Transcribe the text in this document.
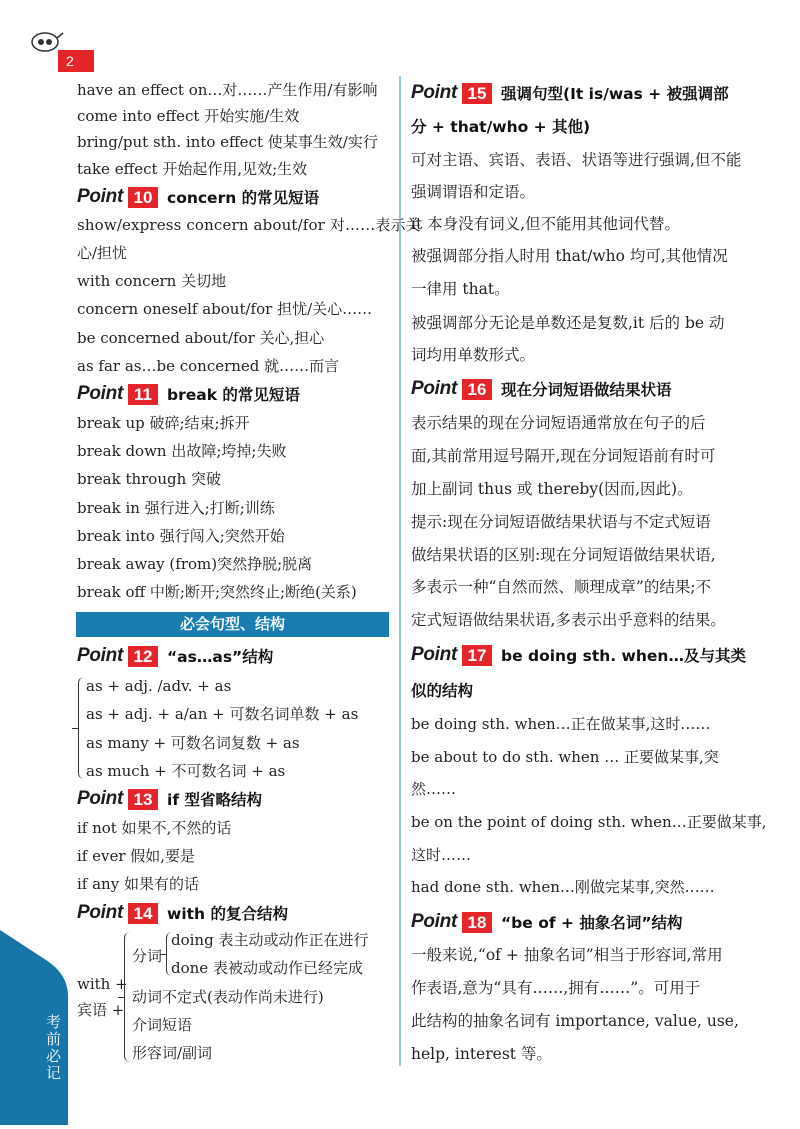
2
考前必记
have an effect on…对……产生作用/有影响
come into effect 开始实施/生效
bring/put sth. into effect 使某事生效/实行
take effect 开始起作用,见效;生效
Point 10 concern 的常见短语
show/express concern about/for 对……表示关
心/担忧
with concern 关切地
concern oneself about/for 担忧/关心……
be concerned about/for 关心,担心
as far as…be concerned 就……而言
Point 11 break 的常见短语
break up 破碎;结束;拆开
break down 出故障;垮掉;失败
break through 突破
break in 强行进入;打断;训练
break into 强行闯入;突然开始
break away (from)突然挣脱;脱离
break off 中断;断开;突然终止;断绝(关系)
必会句型、结构
Point 12 “as…as”结构
as + adj. /adv. + as
as + adj. + a/an + 可数名词单数 + as
as many + 可数名词复数 + as
as much + 不可数名词 + as
Point 13 if 型省略结构
if not 如果不,不然的话
if ever 假如,要是
if any 如果有的话
Point 14 with 的复合结构
with +
宾语 +
分词
doing 表主动或动作正在进行
done 表被动或动作已经完成
动词不定式(表动作尚未进行)
介词短语
形容词/副词
Point 15 强调句型(It is/was + 被强调部
分 + that/who + 其他)
可对主语、宾语、表语、状语等进行强调,但不能
强调谓语和定语。
it 本身没有词义,但不能用其他词代替。
被强调部分指人时用 that/who 均可,其他情况
一律用 that。
被强调部分无论是单数还是复数,it 后的 be 动
词均用单数形式。
Point 16 现在分词短语做结果状语
表示结果的现在分词短语通常放在句子的后
面,其前常用逗号隔开,现在分词短语前有时可
加上副词 thus 或 thereby(因而,因此)。
提示:现在分词短语做结果状语与不定式短语
做结果状语的区别:现在分词短语做结果状语,
多表示一种“自然而然、顺理成章”的结果;不
定式短语做结果状语,多表示出乎意料的结果。
Point 17 be doing sth. when…及与其类
似的结构
be doing sth. when…正在做某事,这时……
be about to do sth. when … 正要做某事,突
然……
be on the point of doing sth. when…正要做某事,
这时……
had done sth. when…刚做完某事,突然……
Point 18 “be of + 抽象名词”结构
一般来说,“of + 抽象名词”相当于形容词,常用
作表语,意为“具有……,拥有……”。可用于
此结构的抽象名词有 importance, value, use,
help, interest 等。
